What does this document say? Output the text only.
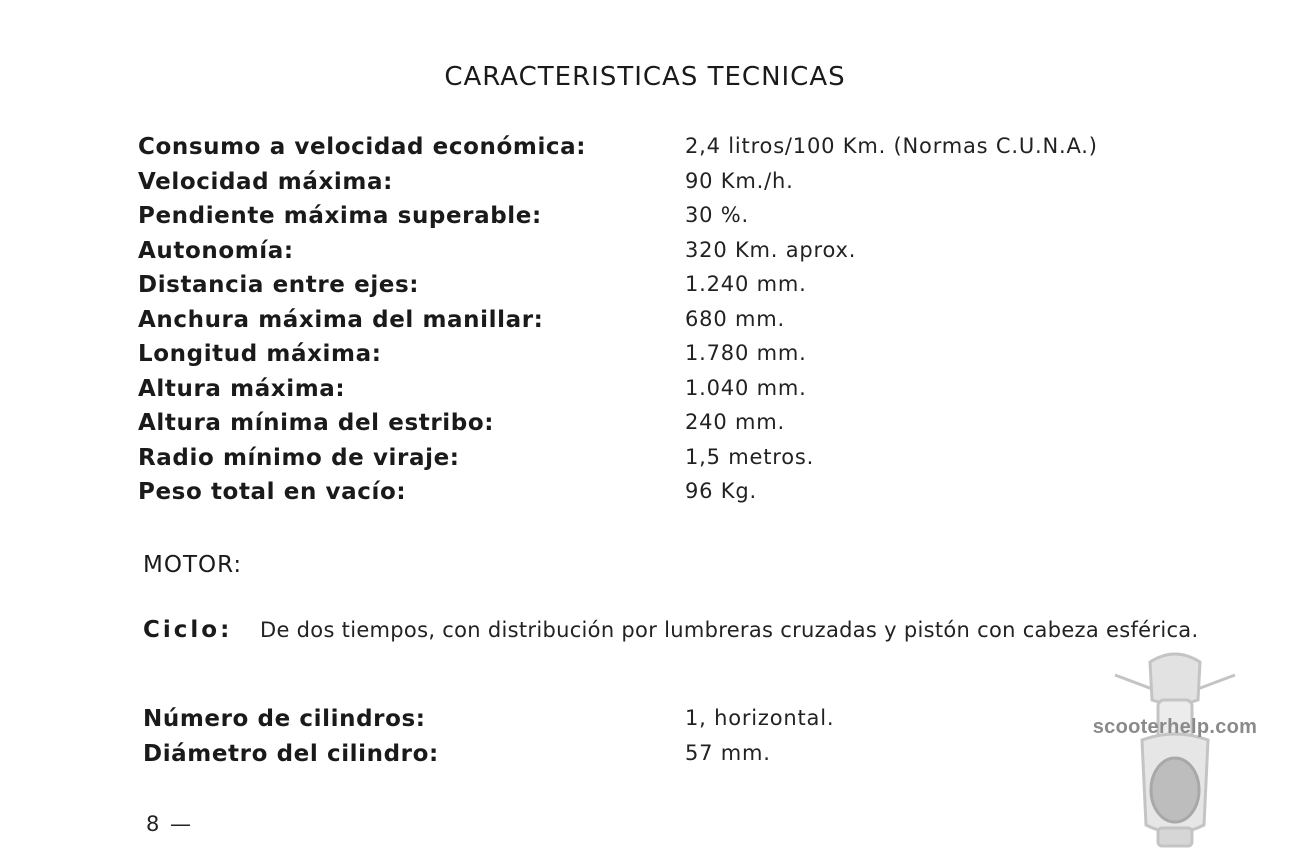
CARACTERISTICAS TECNICAS
Consumo a velocidad económica:	2,4 litros/100 Km. (Normas C.U.N.A.)
Velocidad máxima:	90 Km./h.
Pendiente máxima superable:	30 %.
Autonomía:	320 Km. aprox.
Distancia entre ejes:	1.240 mm.
Anchura máxima del manillar:	680 mm.
Longitud máxima:	1.780 mm.
Altura máxima:	1.040 mm.
Altura mínima del estribo:	240 mm.
Radio mínimo de viraje:	1,5 metros.
Peso total en vacío:	96 Kg.
MOTOR:
Ciclo: De dos tiempos, con distribución por lumbreras cruzadas y pistón con cabeza esférica.
Número de cilindros:	1, horizontal.
Diámetro del cilindro:	57 mm.
8 —
scooterhelp.com
